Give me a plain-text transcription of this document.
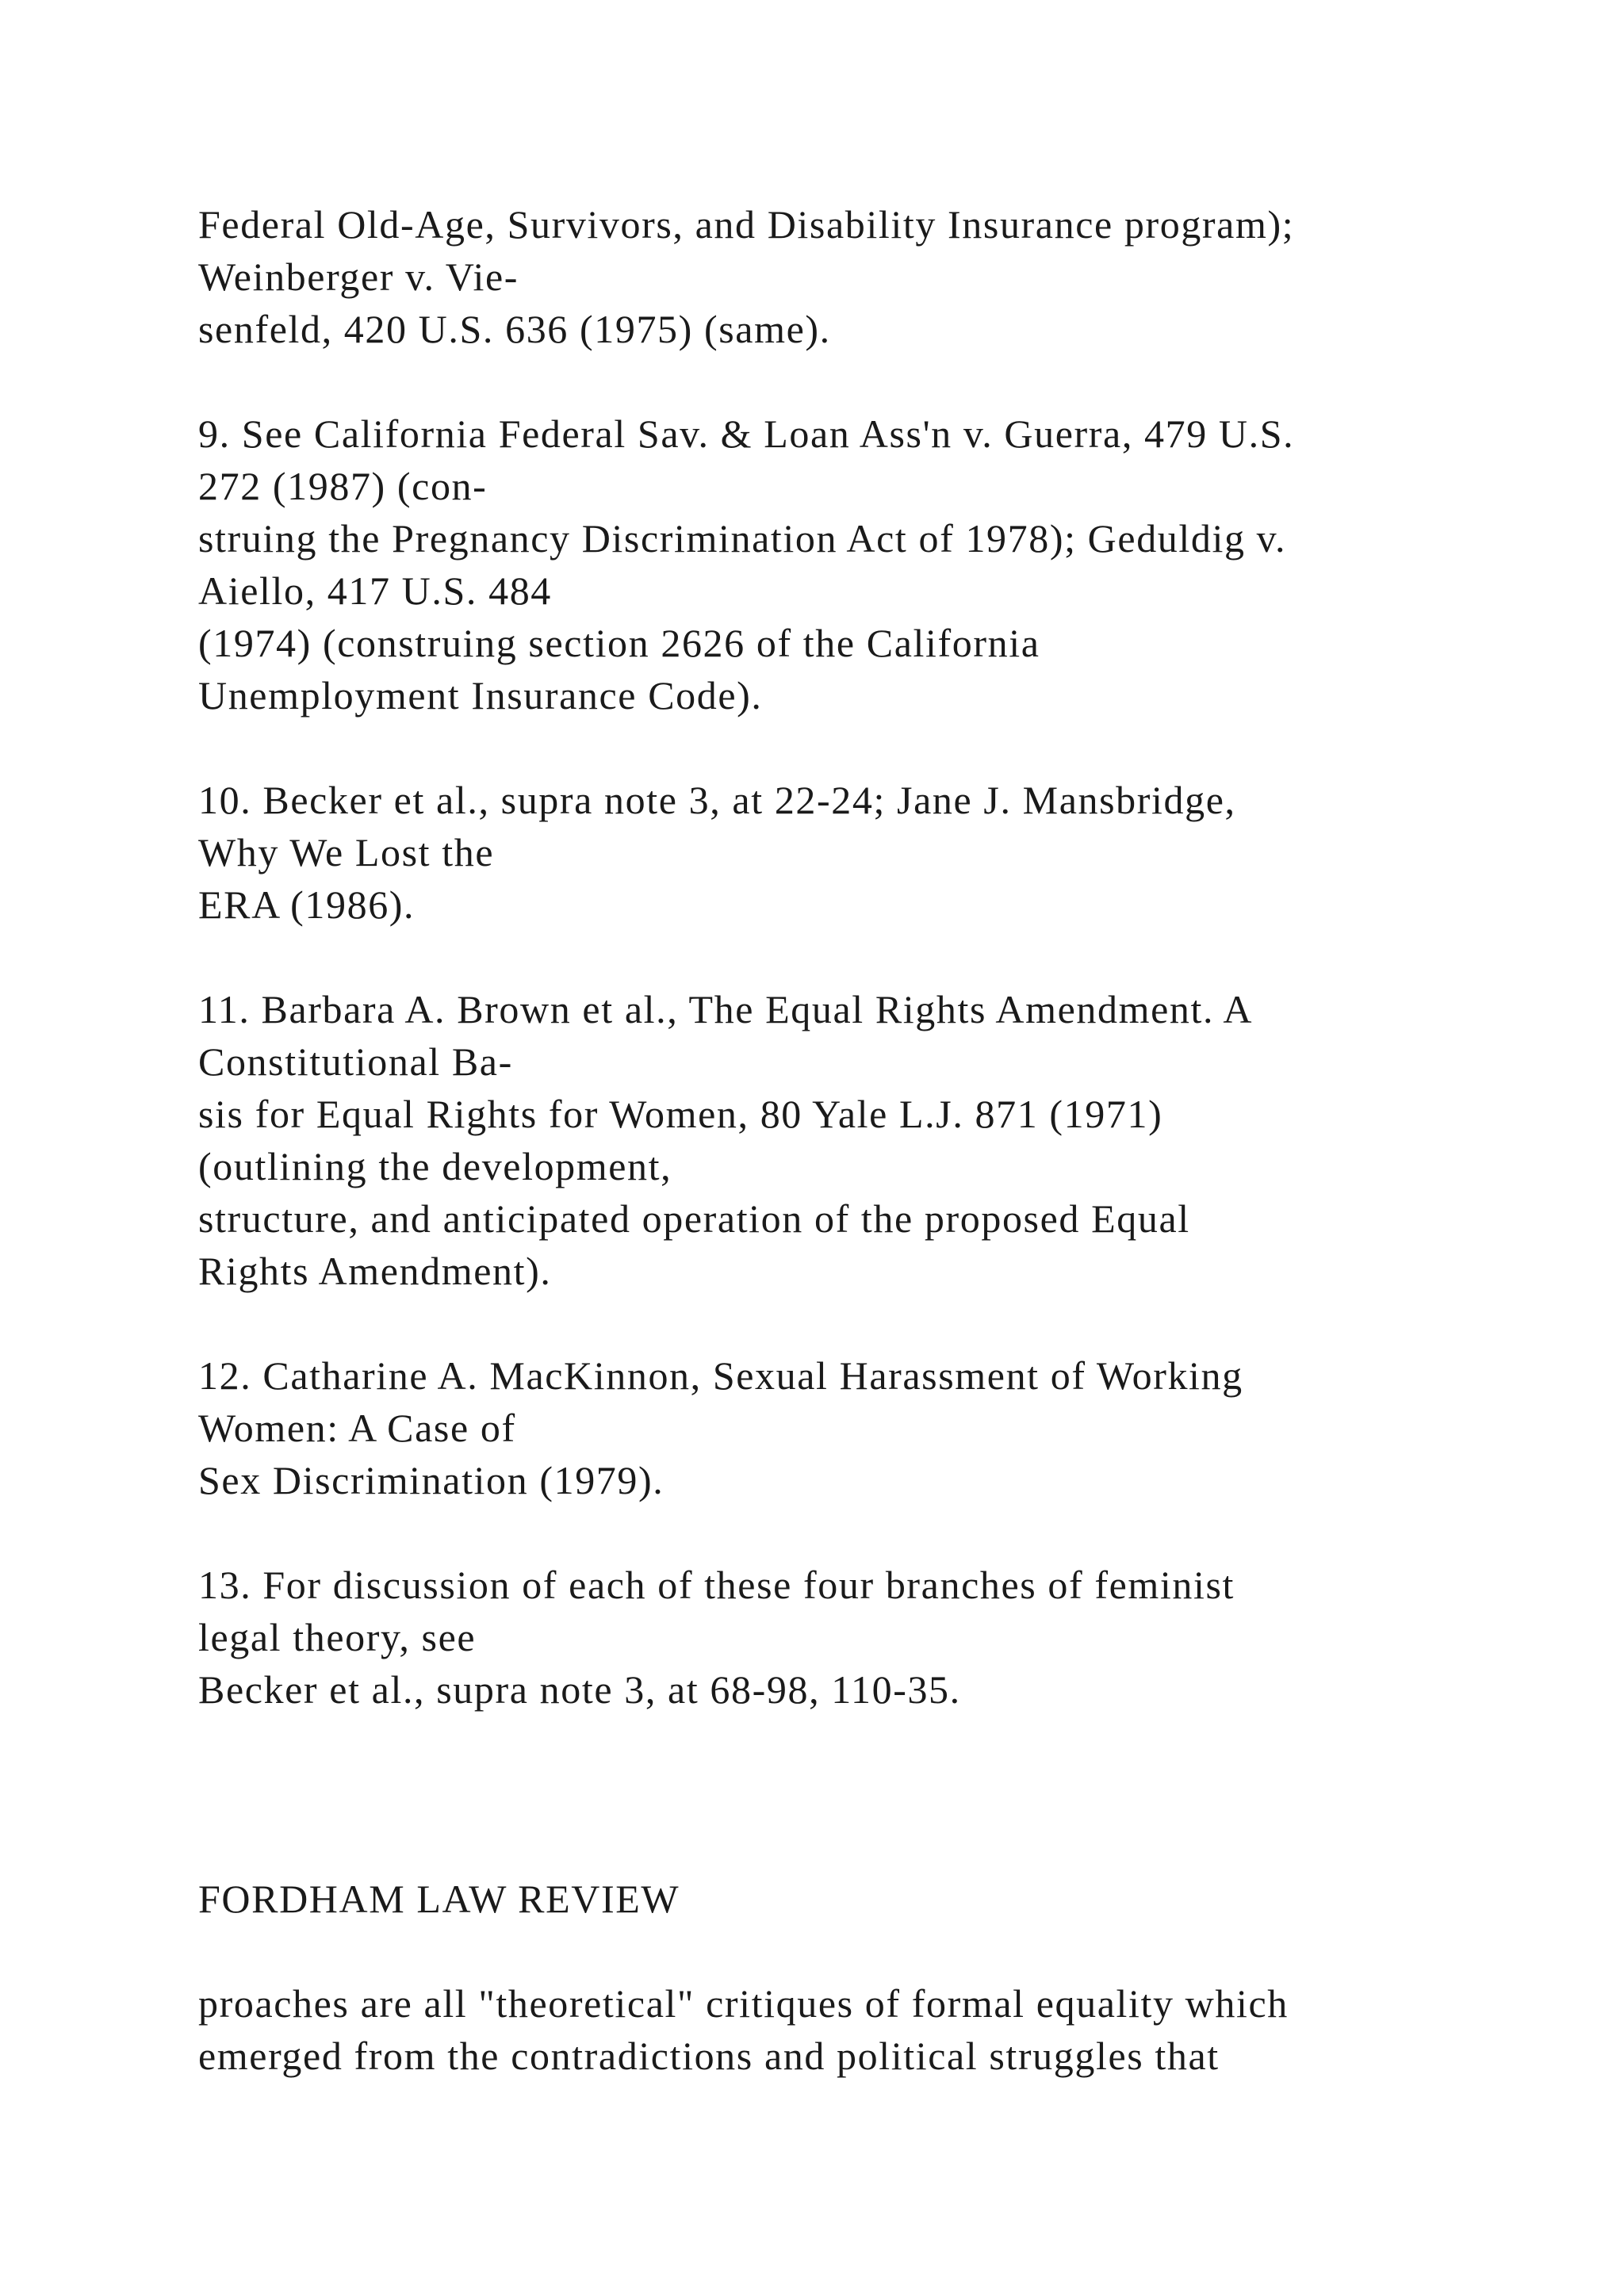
Federal Old-Age, Survivors, and Disability Insurance program);

Weinberger v. Vie-

senfeld, 420 U.S. 636 (1975) (same).

9. See California Federal Sav. & Loan Ass'n v. Guerra, 479 U.S.

272 (1987) (con-

struing the Pregnancy Discrimination Act of 1978); Geduldig v.

Aiello, 417 U.S. 484

(1974) (construing section 2626 of the California

Unemployment Insurance Code).

10. Becker et al., supra note 3, at 22-24; Jane J. Mansbridge,

Why We Lost the

ERA (1986).

11. Barbara A. Brown et al., The Equal Rights Amendment. A

Constitutional Ba-

sis for Equal Rights for Women, 80 Yale L.J. 871 (1971)

(outlining the development,

structure, and anticipated operation of the proposed Equal

Rights Amendment).

12. Catharine A. MacKinnon, Sexual Harassment of Working

Women: A Case of

Sex Discrimination (1979).

13. For discussion of each of these four branches of feminist

legal theory, see

Becker et al., supra note 3, at 68-98, 110-35.

FORDHAM LAW REVIEW

proaches are all "theoretical" critiques of formal equality which

emerged from the contradictions and political struggles that
